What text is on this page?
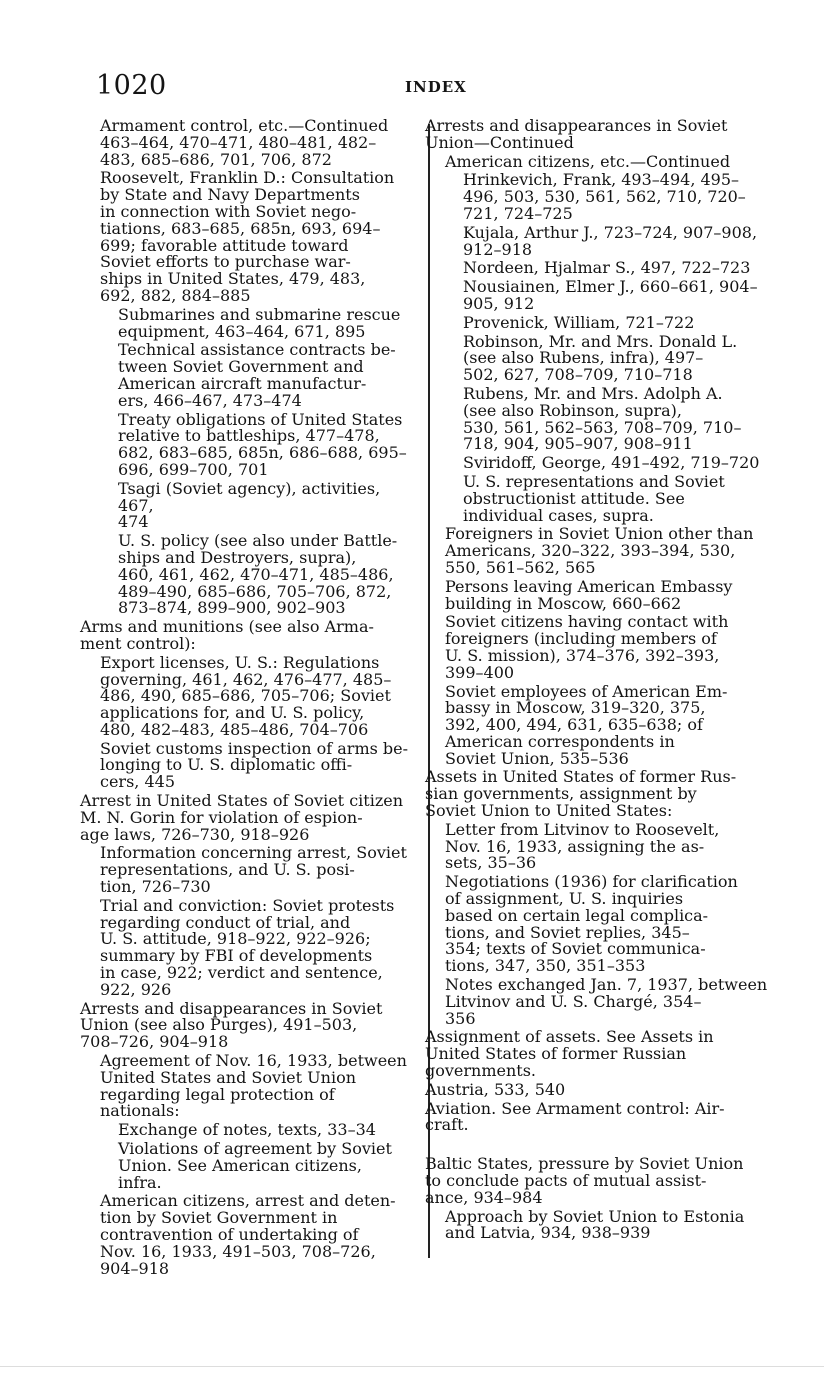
1020	INDEX
Armament control, etc.—Continued
463–464, 470–471, 480–481, 482–
483, 685–686, 701, 706, 872
Roosevelt, Franklin D.: Consultation
by State and Navy Departments
in connection with Soviet nego-
tiations, 683–685, 685n, 693, 694–
699; favorable attitude toward
Soviet efforts to purchase war-
ships in United States, 479, 483,
692, 882, 884–885
Submarines and submarine rescue
equipment, 463–464, 671, 895
Technical assistance contracts be-
tween Soviet Government and
American aircraft manufactur-
ers, 466–467, 473–474
Treaty obligations of United States
relative to battleships, 477–478,
682, 683–685, 685n, 686–688, 695–
696, 699–700, 701
Tsagi (Soviet agency), activities, 467,
474
U. S. policy (see also under Battle-
ships and Destroyers, supra),
460, 461, 462, 470–471, 485–486,
489–490, 685–686, 705–706, 872,
873–874, 899–900, 902–903
Arms and munitions (see also Arma-
ment control):
Export licenses, U. S.: Regulations
governing, 461, 462, 476–477, 485–
486, 490, 685–686, 705–706; Soviet
applications for, and U. S. policy,
480, 482–483, 485–486, 704–706
Soviet customs inspection of arms be-
longing to U. S. diplomatic offi-
cers, 445
Arrest in United States of Soviet citizen
M. N. Gorin for violation of espion-
age laws, 726–730, 918–926
Information concerning arrest, Soviet
representations, and U. S. posi-
tion, 726–730
Trial and conviction: Soviet protests
regarding conduct of trial, and
U. S. attitude, 918–922, 922–926;
summary by FBI of developments
in case, 922; verdict and sentence,
922, 926
Arrests and disappearances in Soviet
Union (see also Purges), 491–503,
708–726, 904–918
Agreement of Nov. 16, 1933, between
United States and Soviet Union
regarding legal protection of
nationals:
Exchange of notes, texts, 33–34
Violations of agreement by Soviet
Union. See American citizens,
infra.
American citizens, arrest and deten-
tion by Soviet Government in
contravention of undertaking of
Nov. 16, 1933, 491–503, 708–726,
904–918
Arrests and disappearances in Soviet
Union—Continued
American citizens, etc.—Continued
Hrinkevich, Frank, 493–494, 495–
496, 503, 530, 561, 562, 710, 720–
721, 724–725
Kujala, Arthur J., 723–724, 907–908,
912–918
Nordeen, Hjalmar S., 497, 722–723
Nousiainen, Elmer J., 660–661, 904–
905, 912
Provenick, William, 721–722
Robinson, Mr. and Mrs. Donald L.
(see also Rubens, infra), 497–
502, 627, 708–709, 710–718
Rubens, Mr. and Mrs. Adolph A.
(see also Robinson, supra),
530, 561, 562–563, 708–709, 710–
718, 904, 905–907, 908–911
Sviridoff, George, 491–492, 719–720
U. S. representations and Soviet
obstructionist attitude. See
individual cases, supra.
Foreigners in Soviet Union other than
Americans, 320–322, 393–394, 530,
550, 561–562, 565
Persons leaving American Embassy
building in Moscow, 660–662
Soviet citizens having contact with
foreigners (including members of
U. S. mission), 374–376, 392–393,
399–400
Soviet employees of American Em-
bassy in Moscow, 319–320, 375,
392, 400, 494, 631, 635–638; of
American correspondents in
Soviet Union, 535–536
Assets in United States of former Rus-
sian governments, assignment by
Soviet Union to United States:
Letter from Litvinov to Roosevelt,
Nov. 16, 1933, assigning the as-
sets, 35–36
Negotiations (1936) for clarification
of assignment, U. S. inquiries
based on certain legal complica-
tions, and Soviet replies, 345–
354; texts of Soviet communica-
tions, 347, 350, 351–353
Notes exchanged Jan. 7, 1937, between
Litvinov and U. S. Chargé, 354–
356
Assignment of assets. See Assets in
United States of former Russian
governments.
Austria, 533, 540
Aviation. See Armament control: Air-
craft.
Baltic States, pressure by Soviet Union
to conclude pacts of mutual assist-
ance, 934–984
Approach by Soviet Union to Estonia
and Latvia, 934, 938–939
